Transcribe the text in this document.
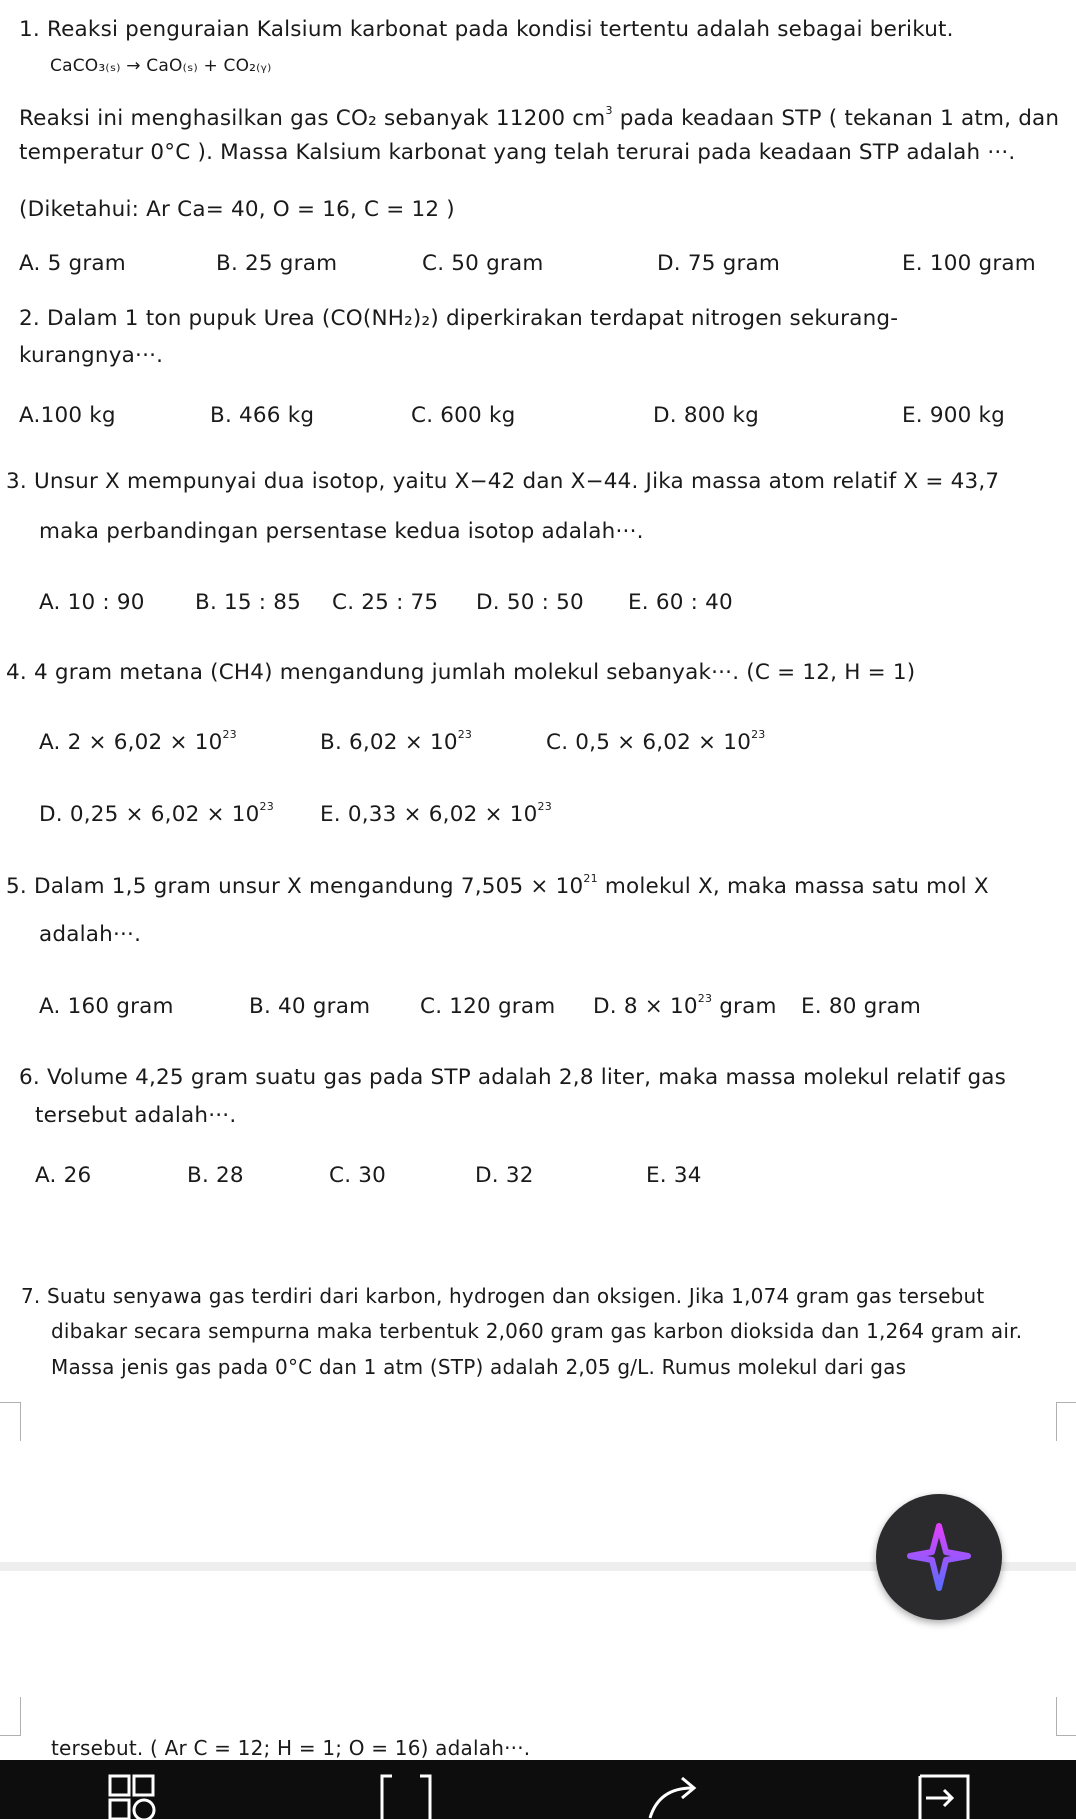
1. Reaksi penguraian Kalsium karbonat pada kondisi tertentu adalah sebagai berikut.
CaCO₃₍ₛ₎ → CaO₍ₛ₎ + CO₂₍ᵧ₎
Reaksi ini menghasilkan gas CO₂ sebanyak 11200 $cm^3$ pada keadaan STP ( tekanan 1 atm, dan
temperatur 0°C ). Massa Kalsium karbonat yang telah terurai pada keadaan STP adalah ···.
(Diketahui: Ar Ca= 40, O = 16, C = 12 )
A. 5 gram	B. 25 gram	C. 50 gram	D. 75 gram	E. 100 gram
2. Dalam 1 ton pupuk Urea (CO(NH₂)₂) diperkirakan terdapat nitrogen sekurang-
kurangnya···.
A.100 kg	B. 466 kg	C. 600 kg	D. 800 kg	E. 900 kg
3. Unsur X mempunyai dua isotop, yaitu X−42 dan X−44. Jika massa atom relatif X = 43,7
maka perbandingan persentase kedua isotop adalah···.
A. 10 : 90 B. 15 : 85 C. 25 : 75 D. 50 : 50 E. 60 : 40
4. 4 gram metana (CH4) mengandung jumlah molekul sebanyak···. (C = 12, H = 1)
A. $2 \times 6,02 \times 10^{23}$	B. $6,02 \times 10^{23}$	C. $0,5 \times 6,02 \times 10^{23}$
D. $0,25 \times 6,02 \times 10^{23}$ E. $0,33 \times 6,02 \times 10^{23}$
5. Dalam 1,5 gram unsur X mengandung $7,505 \times 10^{21}$ molekul X, maka massa satu mol X
adalah···.
A. 160 gram	B. 40 gram C. 120 gram D. $8 \times 10^{23}$ gram E. 80 gram
6. Volume 4,25 gram suatu gas pada STP adalah 2,8 liter, maka massa molekul relatif gas
tersebut adalah···.
A. 26	B. 28	C. 30	D. 32	E. 34
7. Suatu senyawa gas terdiri dari karbon, hydrogen dan oksigen. Jika 1,074 gram gas tersebut
dibakar secara sempurna maka terbentuk 2,060 gram gas karbon dioksida dan 1,264 gram air.
Massa jenis gas pada 0°C dan 1 atm (STP) adalah 2,05 g/L. Rumus molekul dari gas
tersebut. ( Ar C = 12; H = 1; O = 16) adalah···.
